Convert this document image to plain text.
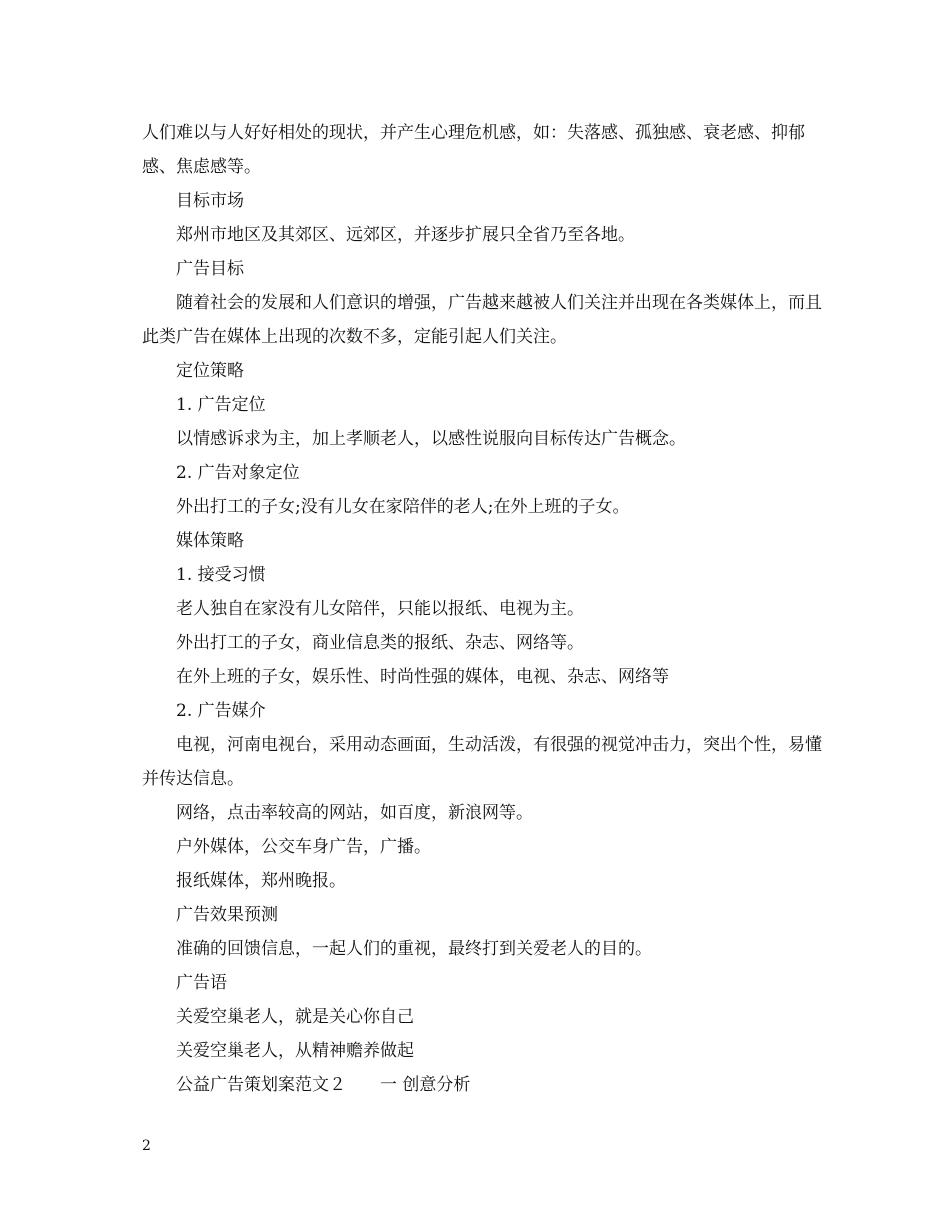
人们难以与人好好相处的现状，并产生心理危机感，如：失落感、孤独感、衰老感、抑郁感、焦虑感等。

目标市场

郑州市地区及其郊区、远郊区，并逐步扩展只全省乃至各地。

广告目标

随着社会的发展和人们意识的增强，广告越来越被人们关注并出现在各类媒体上，而且此类广告在媒体上出现的次数不多，定能引起人们关注。

定位策略

1. 广告定位

以情感诉求为主，加上孝顺老人，以感性说服向目标传达广告概念。

2. 广告对象定位

外出打工的子女;没有儿女在家陪伴的老人;在外上班的子女。

媒体策略

1. 接受习惯

老人独自在家没有儿女陪伴，只能以报纸、电视为主。

外出打工的子女，商业信息类的报纸、杂志、网络等。

在外上班的子女，娱乐性、时尚性强的媒体，电视、杂志、网络等

2. 广告媒介

电视，河南电视台，采用动态画面，生动活泼，有很强的视觉冲击力，突出个性，易懂并传达信息。

网络，点击率较高的网站，如百度，新浪网等。

户外媒体，公交车身广告，广播。

报纸媒体，郑州晚报。

广告效果预测

准确的回馈信息，一起人们的重视，最终打到关爱老人的目的。

广告语

关爱空巢老人，就是关心你自己

关爱空巢老人，从精神赡养做起

公益广告策划案范文２　　一 创意分析

2
